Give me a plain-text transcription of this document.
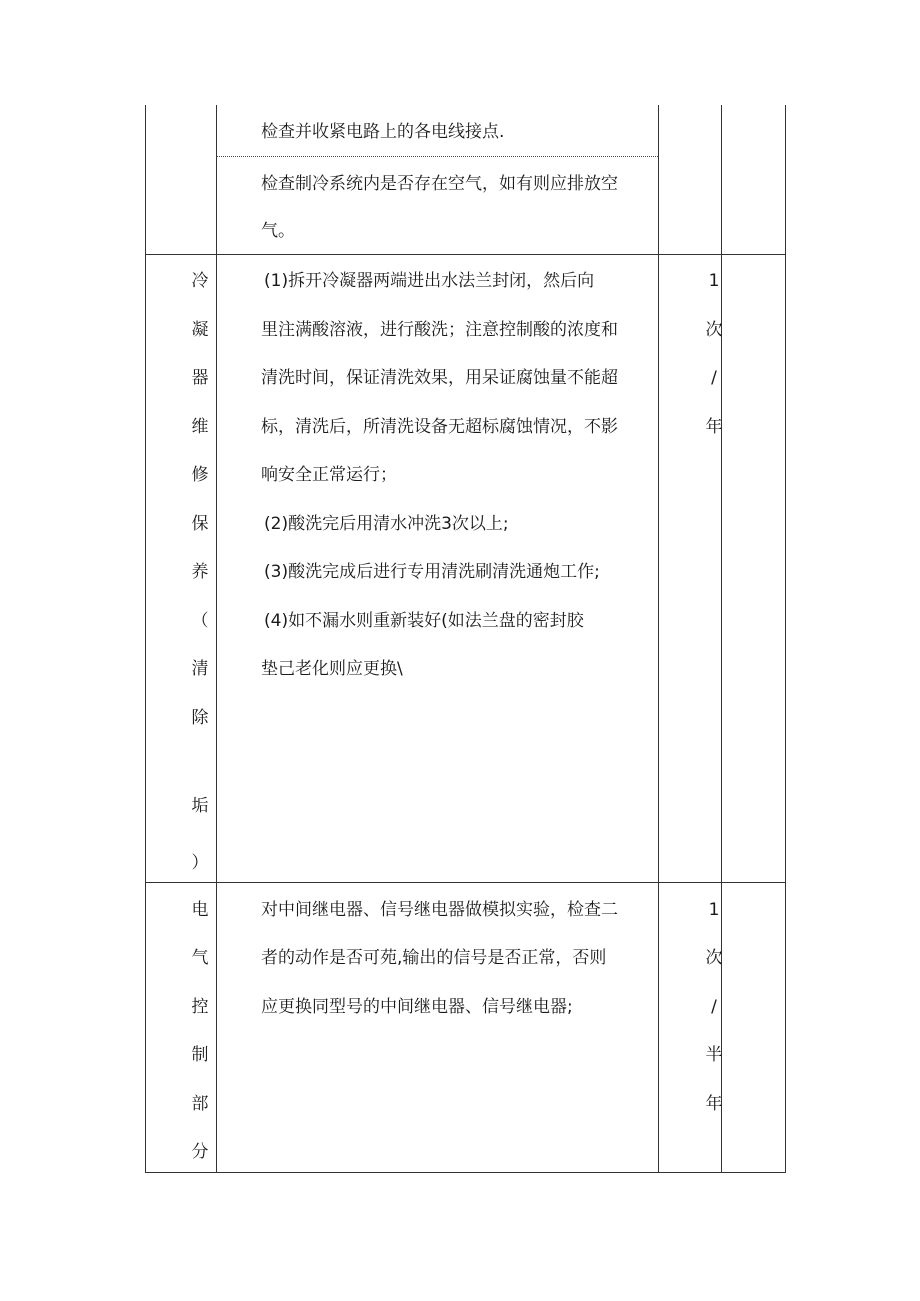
检查并收紧电路上的各电线接点.
检查制冷系统内是否存在空气，如有则应排放空
气。
冷
凝
器
维
修
保
养
（
清
除
垢
）
(1)拆开冷凝器两端进出水法兰封闭，然后向
里注满酸溶液，进行酸洗；注意控制酸的浓度和
清洗时间，保证清洗效果，用呆证腐蚀量不能超
标，清洗后，所清洗设备无超标腐蚀情况，不影
响安全正常运行；
(2)酸洗完后用清水冲洗3次以上;
(3)酸洗完成后进行专用清洗刷清洗通炮工作;
(4)如不漏水则重新装好(如法兰盘的密封胶
垫己老化则应更换\
1
次
/
年
电
气
控
制
部
分
对中间继电器、信号继电器做模拟实验，检查二
者的动作是否可苑,输出的信号是否正常，否则
应更换同型号的中间继电器、信号继电器;
1
次
/
半
年
